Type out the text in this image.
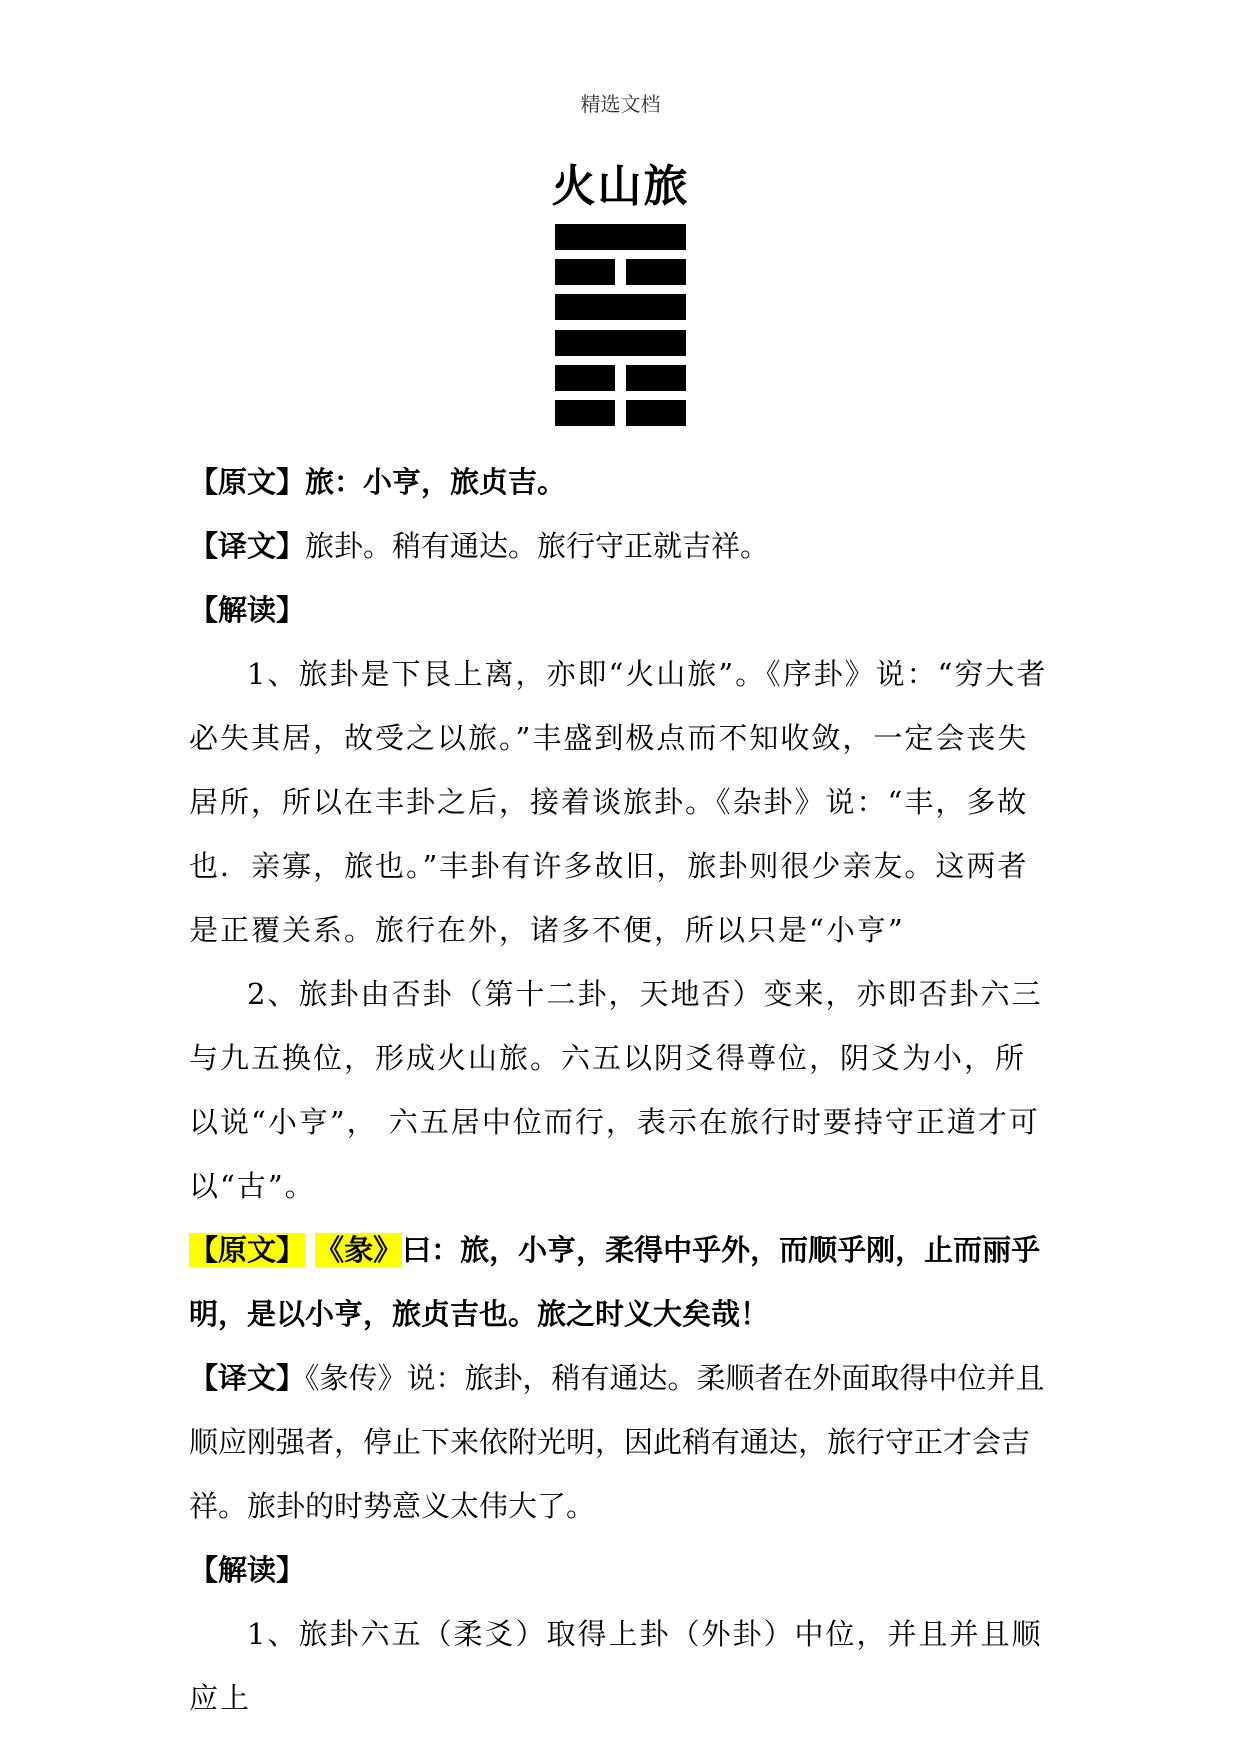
精选文档
火山旅

【原文】旅：小亨，旅贞吉。

【译文】旅卦。稍有通达。旅行守正就吉祥。

【解读】

1、旅卦是下艮上离，亦即“火山旅”。《序卦》说：“穷大者必失其居，故受之以旅。”丰盛到极点而不知收敛，一定会丧失居所，所以在丰卦之后，接着谈旅卦。《杂卦》说：“丰，多故也．亲寡，旅也。”丰卦有许多故旧，旅卦则很少亲友。这两者是正覆关系。旅行在外，诸多不便，所以只是“小亨”

2、旅卦由否卦（第十二卦，天地否）变来，亦即否卦六三与九五换位，形成火山旅。六五以阴爻得尊位，阴爻为小，所以说“小亨”， 六五居中位而行，表示在旅行时要持守正道才可以“古”。

【原文】 《彖》曰：旅，小亨，柔得中乎外，而顺乎刚，止而丽乎明，是以小亨，旅贞吉也。旅之时义大矣哉！

【译文】《彖传》说：旅卦，稍有通达。柔顺者在外面取得中位并且顺应刚强者，停止下来依附光明，因此稍有通达，旅行守正才会吉祥。旅卦的时势意义太伟大了。

【解读】

1、旅卦六五（柔爻）取得上卦（外卦）中位，并且并且顺应上
